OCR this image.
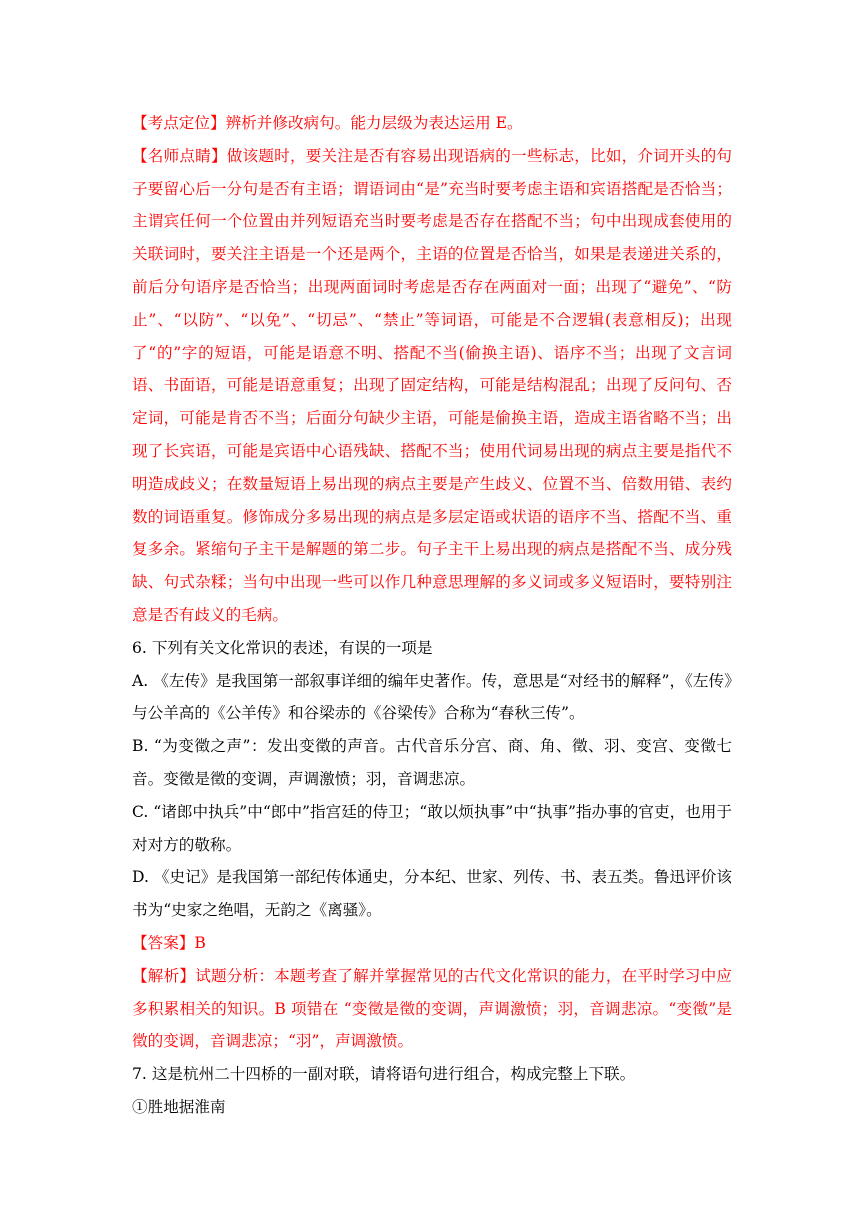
【考点定位】辨析并修改病句。能力层级为表达运用 E。

【名师点睛】做该题时，要关注是否有容易出现语病的一些标志，比如，介词开头的句子要留心后一分句是否有主语；谓语词由“是”充当时要考虑主语和宾语搭配是否恰当；主谓宾任何一个位置由并列短语充当时要考虑是否存在搭配不当；句中出现成套使用的关联词时，要关注主语是一个还是两个，主语的位置是否恰当，如果是表递进关系的，前后分句语序是否恰当；出现两面词时考虑是否存在两面对一面；出现了“避免”、“防止”、“以防”、“以免”、“切忌”、“禁止”等词语，可能是不合逻辑(表意相反)；出现了“的”字的短语，可能是语意不明、搭配不当(偷换主语)、语序不当；出现了文言词语、书面语，可能是语意重复；出现了固定结构，可能是结构混乱；出现了反问句、否定词，可能是肯否不当；后面分句缺少主语，可能是偷换主语，造成主语省略不当；出现了长宾语，可能是宾语中心语残缺、搭配不当；使用代词易出现的病点主要是指代不明造成歧义；在数量短语上易出现的病点主要是产生歧义、位置不当、倍数用错、表约数的词语重复。修饰成分多易出现的病点是多层定语或状语的语序不当、搭配不当、重复多余。紧缩句子主干是解题的第二步。句子主干上易出现的病点是搭配不当、成分残缺、句式杂糅；当句中出现一些可以作几种意思理解的多义词或多义短语时，要特别注意是否有歧义的毛病。

6. 下列有关文化常识的表述，有误的一项是

A. 《左传》是我国第一部叙事详细的编年史著作。传，意思是“对经书的解释”，《左传》与公羊高的《公羊传》和谷梁赤的《谷梁传》合称为“春秋三传”。

B. “为变徵之声”：发出变徵的声音。古代音乐分宫、商、角、徵、羽、变宫、变徵七音。变徵是徵的变调，声调激愤；羽，音调悲凉。

C. “诸郎中执兵”中“郎中”指宫廷的侍卫；“敢以烦执事”中“执事”指办事的官吏，也用于对对方的敬称。

D. 《史记》是我国第一部纪传体通史，分本纪、世家、列传、书、表五类。鲁迅评价该书为“史家之绝唱，无韵之《离骚》。

【答案】B

【解析】试题分析：本题考查了解并掌握常见的古代文化常识的能力，在平时学习中应多积累相关的知识。B 项错在 “变徵是徵的变调，声调激愤；羽，音调悲凉。“变徵”是徵的变调，音调悲凉；“羽”，声调激愤。

7. 这是杭州二十四桥的一副对联，请将语句进行组合，构成完整上下联。

①胜地据淮南
